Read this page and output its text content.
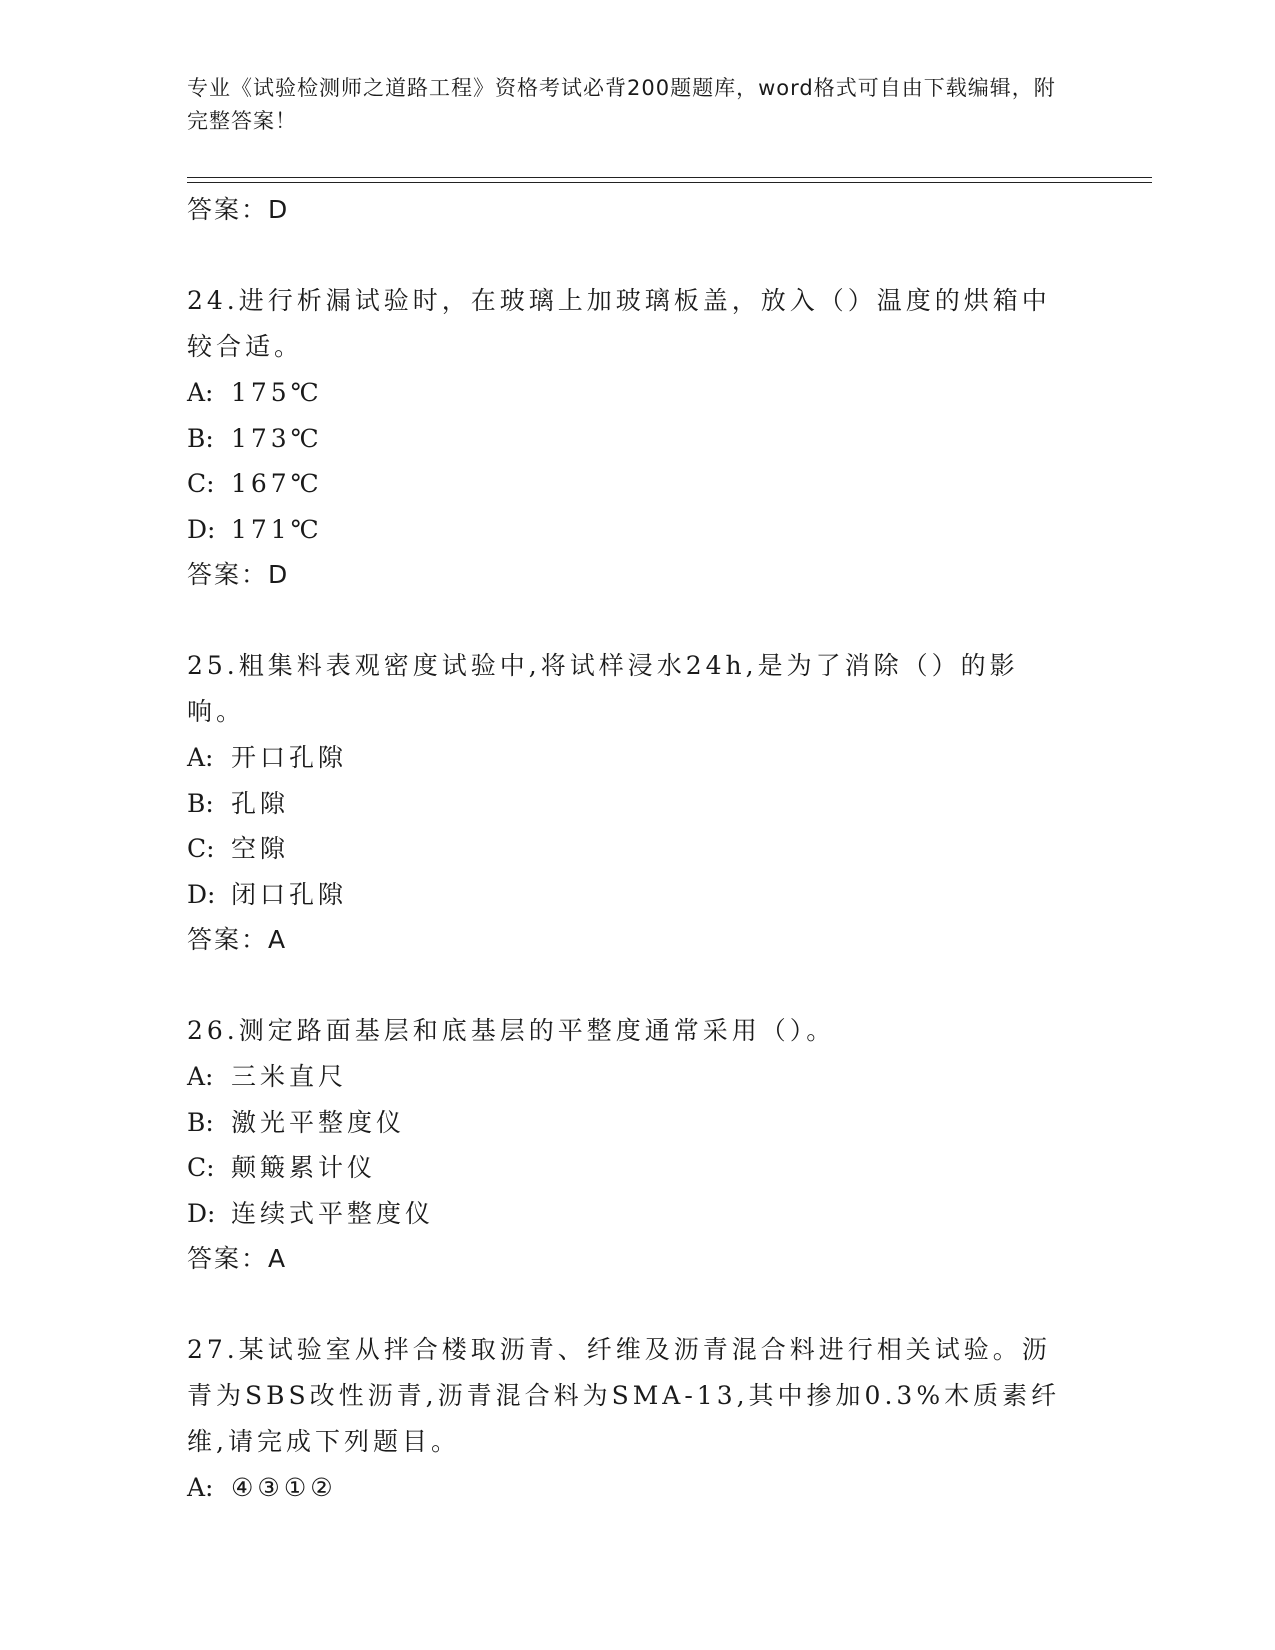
专业《试验检测师之道路工程》资格考试必背200题题库，word格式可自由下载编辑，附完整答案！
答案：D
24.进行析漏试验时，在玻璃上加玻璃板盖，放入（）温度的烘箱中较合适。
A: 175℃
B: 173℃
C: 167℃
D: 171℃
答案：D
25.粗集料表观密度试验中,将试样浸水24h,是为了消除（）的影响。
A: 开口孔隙
B: 孔隙
C: 空隙
D: 闭口孔隙
答案：A
26.测定路面基层和底基层的平整度通常采用（）。
A: 三米直尺
B: 激光平整度仪
C: 颠簸累计仪
D: 连续式平整度仪
答案：A
27.某试验室从拌合楼取沥青、纤维及沥青混合料进行相关试验。沥青为SBS改性沥青,沥青混合料为SMA-13,其中掺加0.3%木质素纤维,请完成下列题目。
A: ④③①②
